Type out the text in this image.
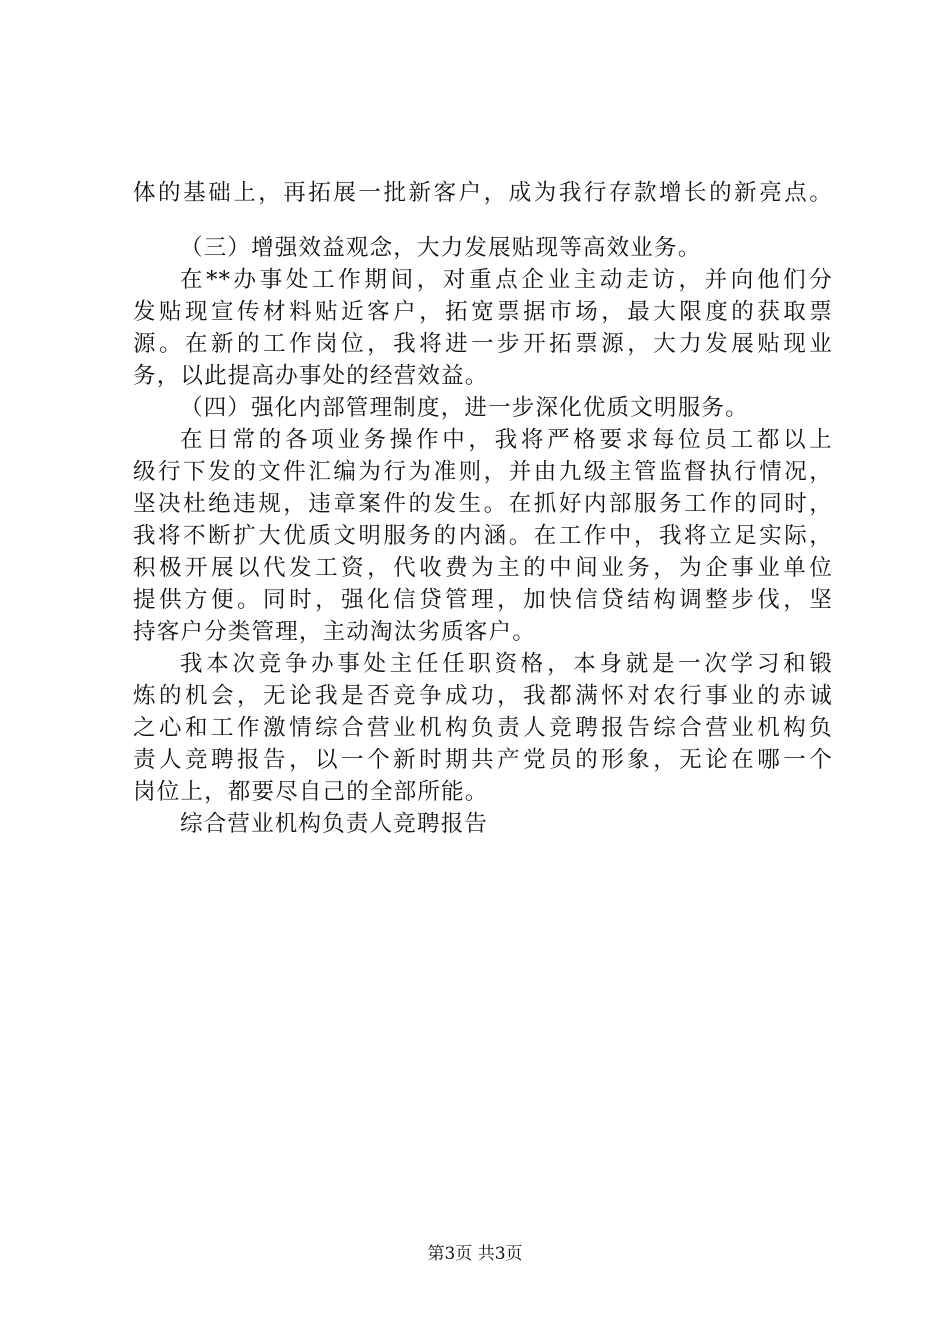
体的基础上，再拓展一批新客户，成为我行存款增长的新亮点。
（三）增强效益观念，大力发展贴现等高效业务。
在**办事处工作期间，对重点企业主动走访，并向他们分
发贴现宣传材料贴近客户，拓宽票据市场，最大限度的获取票
源。在新的工作岗位，我将进一步开拓票源，大力发展贴现业
务，以此提高办事处的经营效益。
（四）强化内部管理制度，进一步深化优质文明服务。
在日常的各项业务操作中，我将严格要求每位员工都以上
级行下发的文件汇编为行为准则，并由九级主管监督执行情况，
坚决杜绝违规，违章案件的发生。在抓好内部服务工作的同时，
我将不断扩大优质文明服务的内涵。在工作中，我将立足实际，
积极开展以代发工资，代收费为主的中间业务，为企事业单位
提供方便。同时，强化信贷管理，加快信贷结构调整步伐，坚
持客户分类管理，主动淘汰劣质客户。
我本次竞争办事处主任任职资格，本身就是一次学习和锻
炼的机会，无论我是否竞争成功，我都满怀对农行事业的赤诚
之心和工作激情综合营业机构负责人竞聘报告综合营业机构负
责人竞聘报告，以一个新时期共产党员的形象，无论在哪一个
岗位上，都要尽自己的全部所能。
综合营业机构负责人竞聘报告
第3页 共3页
